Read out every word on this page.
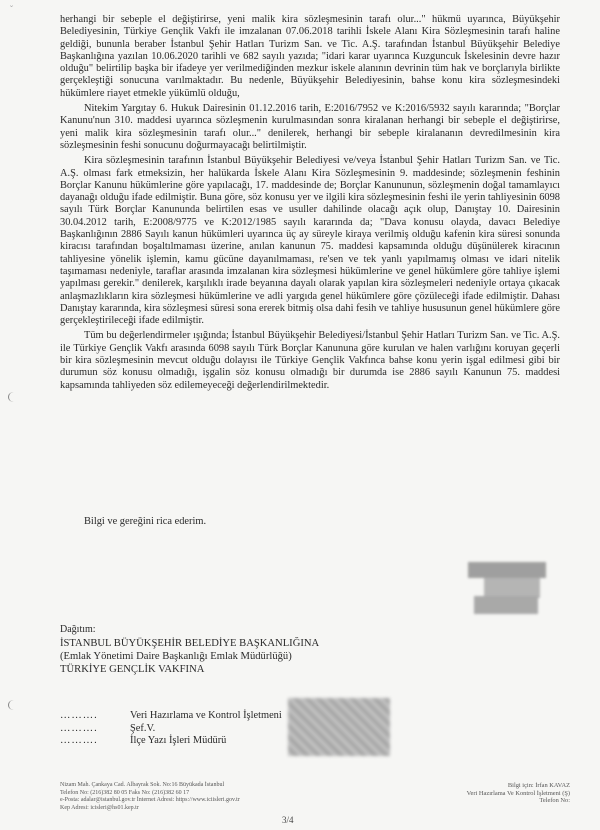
˘

herhangi bir sebeple el değiştirirse, yeni malik kira sözleşmesinin tarafı olur..." hükmü uyarınca, Büyükşehir Belediyesinin, Türkiye Gençlik Vakfı ile imzalanan 07.06.2018 tarihli İskele Alanı Kira Sözleşmesinin tarafı haline geldiği, bununla beraber İstanbul Şehir Hatları Turizm San. ve Tic. A.Ş. tarafından İstanbul Büyükşehir Belediye Başkanlığına yazılan 10.06.2020 tarihli ve 682 sayılı yazıda; "idari karar uyarınca Kuzguncuk İskelesinin devre hazır olduğu" belirtilip başka bir ifadeye yer verilmediğinden mezkur iskele alanının devrinin tüm hak ve borçlarıyla birlikte gerçekleştiği sonucuna varılmaktadır. Bu nedenle, Büyükşehir Belediyesinin, bahse konu kira sözleşmesindeki hükümlere riayet etmekle yükümlü olduğu,

Nitekim Yargıtay 6. Hukuk Dairesinin 01.12.2016 tarih, E:2016/7952 ve K:2016/5932 sayılı kararında; "Borçlar Kanunu'nun 310. maddesi uyarınca sözleşmenin kurulmasından sonra kiralanan herhangi bir sebeple el değiştirirse, yeni malik kira sözleşmesinin tarafı olur..." denilerek, herhangi bir sebeple kiralananın devredilmesinin kira sözleşmesinin feshi sonucunu doğurmayacağı belirtilmiştir.

Kira sözleşmesinin tarafının İstanbul Büyükşehir Belediyesi ve/veya İstanbul Şehir Hatları Turizm San. ve Tic. A.Ş. olması fark etmeksizin, her halükarda İskele Alanı Kira Sözleşmesinin 9. maddesinde; sözleşmenin feshinin Borçlar Kanunu hükümlerine göre yapılacağı, 17. maddesinde de; Borçlar Kanununun, sözleşmenin doğal tamamlayıcı dayanağı olduğu ifade edilmiştir. Buna göre, söz konusu yer ve ilgili kira sözleşmesinin feshi ile yerin tahliyesinin 6098 sayılı Türk Borçlar Kanununda belirtilen esas ve usuller dahilinde olacağı açık olup, Danıştay 10. Dairesinin 30.04.2012 tarih, E:2008/9775 ve K:2012/1985 sayılı kararında da; "Dava konusu olayda, davacı Belediye Başkanlığının 2886 Sayılı kanun hükümleri uyarınca üç ay süreyle kiraya verilmiş olduğu kafenin kira süresi sonunda kiracısı tarafından boşaltılmaması üzerine, anılan kanunun 75. maddesi kapsamında olduğu düşünülerek kiracının tahliyesine yönelik işlemin, kamu gücüne dayanılmaması, re'sen ve tek yanlı yapılmamış olması ve idari nitelik taşımaması nedeniyle, taraflar arasında imzalanan kira sözleşmesi hükümlerine ve genel hükümlere göre tahliye işlemi yapılması gerekir." denilerek, karşılıklı irade beyanına dayalı olarak yapılan kira sözleşmeleri nedeniyle ortaya çıkacak anlaşmazlıkların kira sözleşmesi hükümlerine ve adli yargıda genel hükümlere göre çözüleceği ifade edilmiştir. Dahası Danıştay kararında, kira sözleşmesi süresi sona ererek bitmiş olsa dahi fesih ve tahliye hususunun genel hükümlere göre gerçekleştirileceği ifade edilmiştir.

Tüm bu değerlendirmeler ışığında; İstanbul Büyükşehir Belediyesi/İstanbul Şehir Hatları Turizm San. ve Tic. A.Ş. ile Türkiye Gençlik Vakfı arasında 6098 sayılı Türk Borçlar Kanununa göre kurulan ve halen varlığını koruyan geçerli bir kira sözleşmesinin mevcut olduğu dolayısı ile Türkiye Gençlik Vakfınca bahse konu yerin işgal edilmesi gibi bir durumun söz konusu olmadığı, işgalin söz konusu olmadığı bir durumda ise 2886 sayılı Kanunun 75. maddesi kapsamında tahliyeden söz edilemeyeceği değerlendirilmektedir.

Bilgi ve gereğini rica ederim.
Dağıtım:
İSTANBUL BÜYÜKŞEHİR BELEDİYE BAŞKANLIĞINA
(Emlak Yönetimi Daire Başkanlığı Emlak Müdürlüğü)
TÜRKİYE GENÇLİK VAKFINA
……….	Veri Hazırlama ve Kontrol İşletmeni
……….	Şef.V.
……….	İlçe Yazı İşleri Müdürü
Nizam Mah. Çankaya Cad. Albayrak Sok. No:16 Büyükada İstanbul
Telefon No: (216)382 80 05 Faks No: (216)382 60 17
e-Posta: adalar@istanbul.gov.tr İnternet Adresi: https://www.iciisleri.gov.tr
Kep Adresi: icisleri@hs01.kep.tr
Bilgi için: İrfan KAVAZ
Veri Hazırlama Ve Kontrol İşletmeni (Ş)
Telefon No:
3/4
